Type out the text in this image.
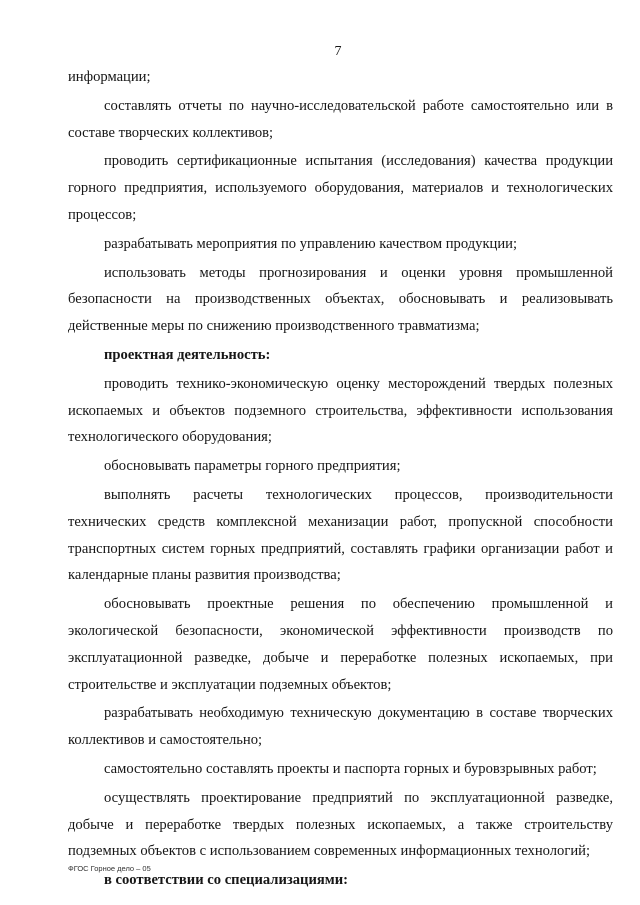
7

информации;

составлять отчеты по научно-исследовательской работе самостоятельно или в составе творческих коллективов;

проводить сертификационные испытания (исследования) качества продукции горного предприятия, используемого оборудования, материалов и технологических процессов;

разрабатывать мероприятия по управлению качеством продукции;

использовать методы прогнозирования и оценки уровня промышленной безопасности на производственных объектах, обосновывать и реализовывать действенные меры по снижению производственного травматизма;

проектная деятельность:

проводить технико-экономическую оценку месторождений твердых полезных ископаемых и объектов подземного строительства, эффективности использования технологического оборудования;

обосновывать параметры горного предприятия;

выполнять расчеты технологических процессов, производительности технических средств комплексной механизации работ, пропускной способности транспортных систем горных предприятий, составлять графики организации работ и календарные планы развития производства;

обосновывать проектные решения по обеспечению промышленной и экологической безопасности, экономической эффективности производств по эксплуатационной разведке, добыче и переработке полезных ископаемых, при строительстве и эксплуатации подземных объектов;

разрабатывать необходимую техническую документацию в составе творческих коллективов и самостоятельно;

самостоятельно составлять проекты и паспорта горных и буровзрывных работ;

осуществлять проектирование предприятий по эксплуатационной разведке, добыче и переработке твердых полезных ископаемых, а также строительству подземных объектов с использованием современных информационных технологий;

в соответствии со специализациями:

ФГОС Горное дело – 05
